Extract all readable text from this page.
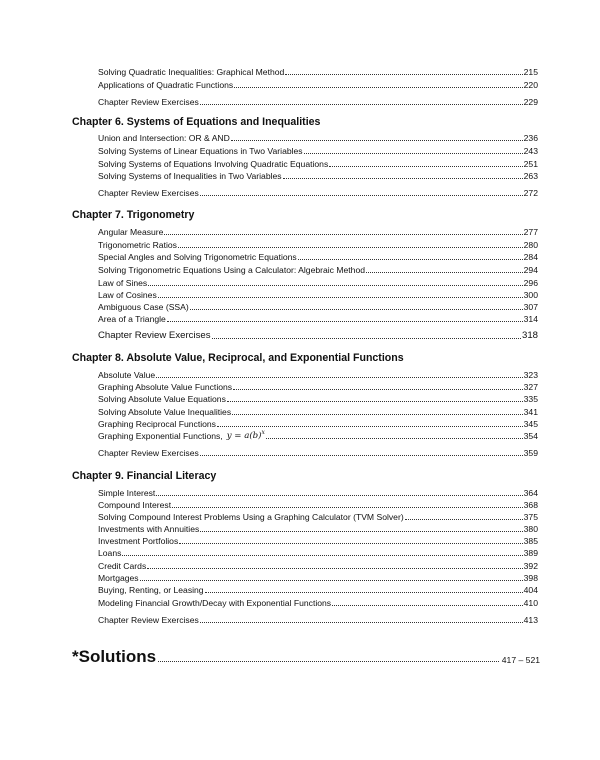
Solving Quadratic Inequalities: Graphical Method	215
Applications of Quadratic Functions	220
Chapter Review Exercises	229
Chapter 6. Systems of Equations and Inequalities
Union and Intersection: OR & AND	236
Solving Systems of Linear Equations in Two Variables	243
Solving Systems of Equations Involving Quadratic Equations	251
Solving Systems of Inequalities in Two Variables	263
Chapter Review Exercises	272
Chapter 7. Trigonometry
Angular Measure	277
Trigonometric Ratios	280
Special Angles and Solving Trigonometric Equations	284
Solving Trigonometric Equations Using a Calculator: Algebraic Method	294
Law of Sines	296
Law of Cosines	300
Ambiguous Case (SSA)	307
Area of a Triangle	314
Chapter Review Exercises	318
Chapter 8. Absolute Value, Reciprocal, and Exponential Functions
Absolute Value	323
Graphing Absolute Value Functions	327
Solving Absolute Value Equations	335
Solving Absolute Value Inequalities	341
Graphing Reciprocal Functions	345
Graphing Exponential Functions, $y = a(b)^x$	354
Chapter Review Exercises	359
Chapter 9. Financial Literacy
Simple Interest	364
Compound Interest	368
Solving Compound Interest Problems Using a Graphing Calculator (TVM Solver)	375
Investments with Annuities	380
Investment Portfolios	385
Loans	389
Credit Cards	392
Mortgages	398
Buying, Renting, or Leasing	404
Modeling Financial Growth/Decay with Exponential Functions	410
Chapter Review Exercises	413
*Solutions	417 – 521
